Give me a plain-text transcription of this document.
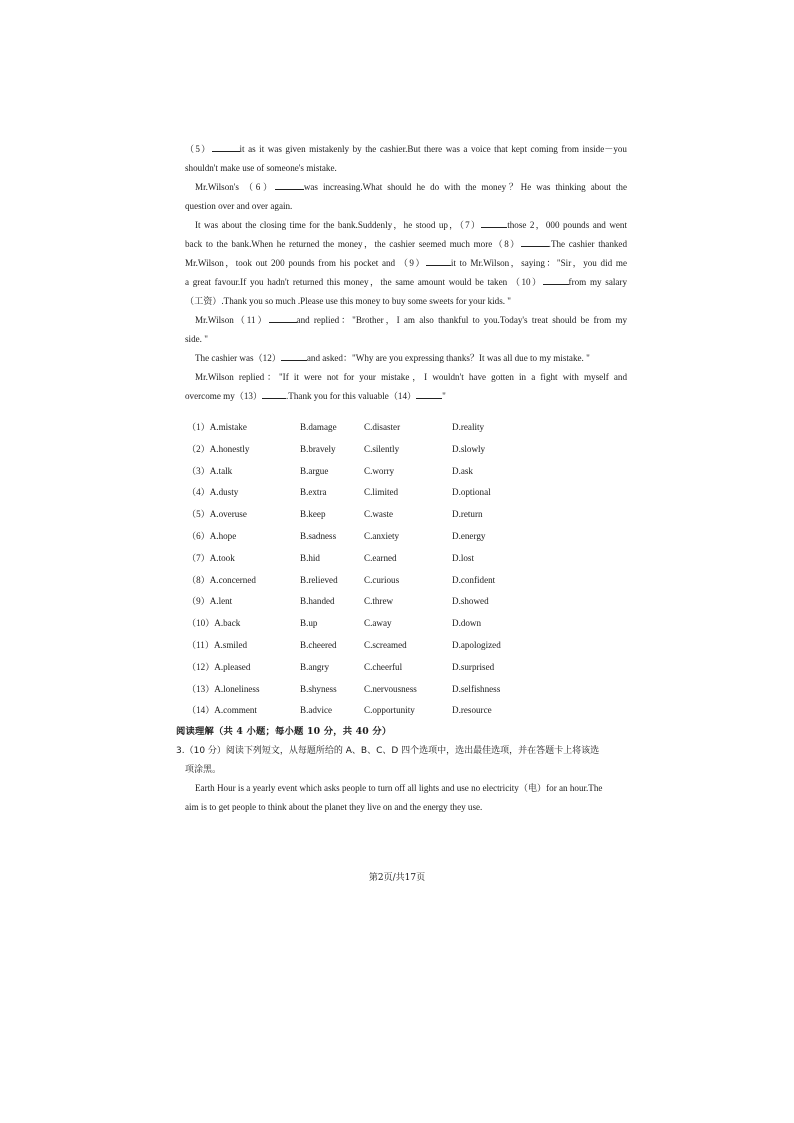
（5）	it as it was given mistakenly by the cashier.But there was a voice that kept coming from inside－you
shouldn't make use of someone's mistake.
Mr.Wilson's （6）	was increasing.What should he do with the money？He was thinking about the
question over and over again.
It was about the closing time for the bank.Suddenly，he stood up，（7）	those 2，000 pounds and went
back to the bank.When he returned the money，the cashier seemed much more（8）	.The cashier thanked
Mr.Wilson，took out 200 pounds from his pocket and （9）	it to Mr.Wilson，saying："Sir，you did me
a great favour.If you hadn't returned this money，the same amount would be taken （10）	from my salary
（工资）.Thank you so much .Please use this money to buy some sweets for your kids. "
Mr.Wilson（11）	and replied："Brother，I am also thankful to you.Today's treat should be from my
side. "
The cashier was（12）	and asked："Why are you expressing thanks？It was all due to my mistake. "
Mr.Wilson replied："If it were not for your mistake，I wouldn't have gotten in a fight with myself and
overcome my（13）	.Thank you for this valuable（14）	"
（1）A.mistake	B.damage	C.disaster	D.reality
（2）A.honestly	B.bravely	C.silently	D.slowly
（3）A.talk	B.argue	C.worry	D.ask
（4）A.dusty	B.extra	C.limited	D.optional
（5）A.overuse	B.keep	C.waste	D.return
（6）A.hope	B.sadness	C.anxiety	D.energy
（7）A.took	B.hid	C.earned	D.lost
（8）A.concerned	B.relieved	C.curious	D.confident
（9）A.lent	B.handed	C.threw	D.showed
（10）A.back	B.up	C.away	D.down
（11）A.smiled	B.cheered	C.screamed	D.apologized
（12）A.pleased	B.angry	C.cheerful	D.surprised
（13）A.loneliness	B.shyness	C.nervousness	D.selfishness
（14）A.comment	B.advice	C.opportunity	D.resource
阅读理解（共 4 小题；每小题 10 分，共 40 分）
3.（10 分）阅读下列短文，从每题所给的 A、B、C、D 四个选项中，选出最佳选项，并在答题卡上将该选
项涂黑。
Earth Hour is a yearly event which asks people to turn off all lights and use no electricity（电）for an hour.The
aim is to get people to think about the planet they live on and the energy they use.
第2页/共17页
